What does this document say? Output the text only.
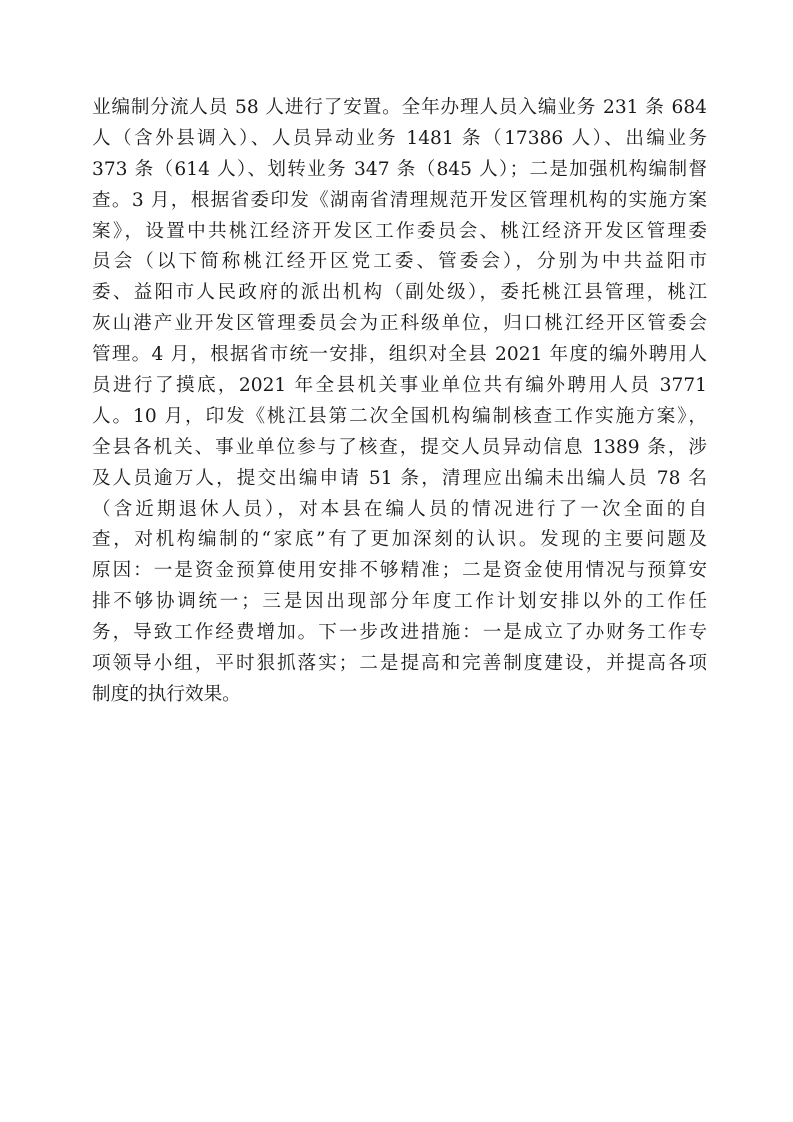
业编制分流人员 58 人进行了安置。全年办理人员入编业务 231 条 684
人（含外县调入）、人员异动业务 1481 条（17386 人）、出编业务
373 条（614 人）、划转业务 347 条（845 人）；二是加强机构编制督
查。3 月，根据省委印发《湖南省清理规范开发区管理机构的实施方案
案》，设置中共桃江经济开发区工作委员会、桃江经济开发区管理委
员会（以下简称桃江经开区党工委、管委会），分别为中共益阳市
委、益阳市人民政府的派出机构（副处级），委托桃江县管理，桃江
灰山港产业开发区管理委员会为正科级单位，归口桃江经开区管委会
管理。4 月，根据省市统一安排，组织对全县 2021 年度的编外聘用人
员进行了摸底，2021 年全县机关事业单位共有编外聘用人员 3771
人。10 月，印发《桃江县第二次全国机构编制核查工作实施方案》，
全县各机关、事业单位参与了核查，提交人员异动信息 1389 条，涉
及人员逾万人，提交出编申请 51 条，清理应出编未出编人员 78 名
（含近期退休人员），对本县在编人员的情况进行了一次全面的自
查，对机构编制的“家底”有了更加深刻的认识。发现的主要问题及
原因：一是资金预算使用安排不够精准；二是资金使用情况与预算安
排不够协调统一；三是因出现部分年度工作计划安排以外的工作任
务，导致工作经费增加。下一步改进措施：一是成立了办财务工作专
项领导小组，平时狠抓落实；二是提高和完善制度建设，并提高各项
制度的执行效果。
